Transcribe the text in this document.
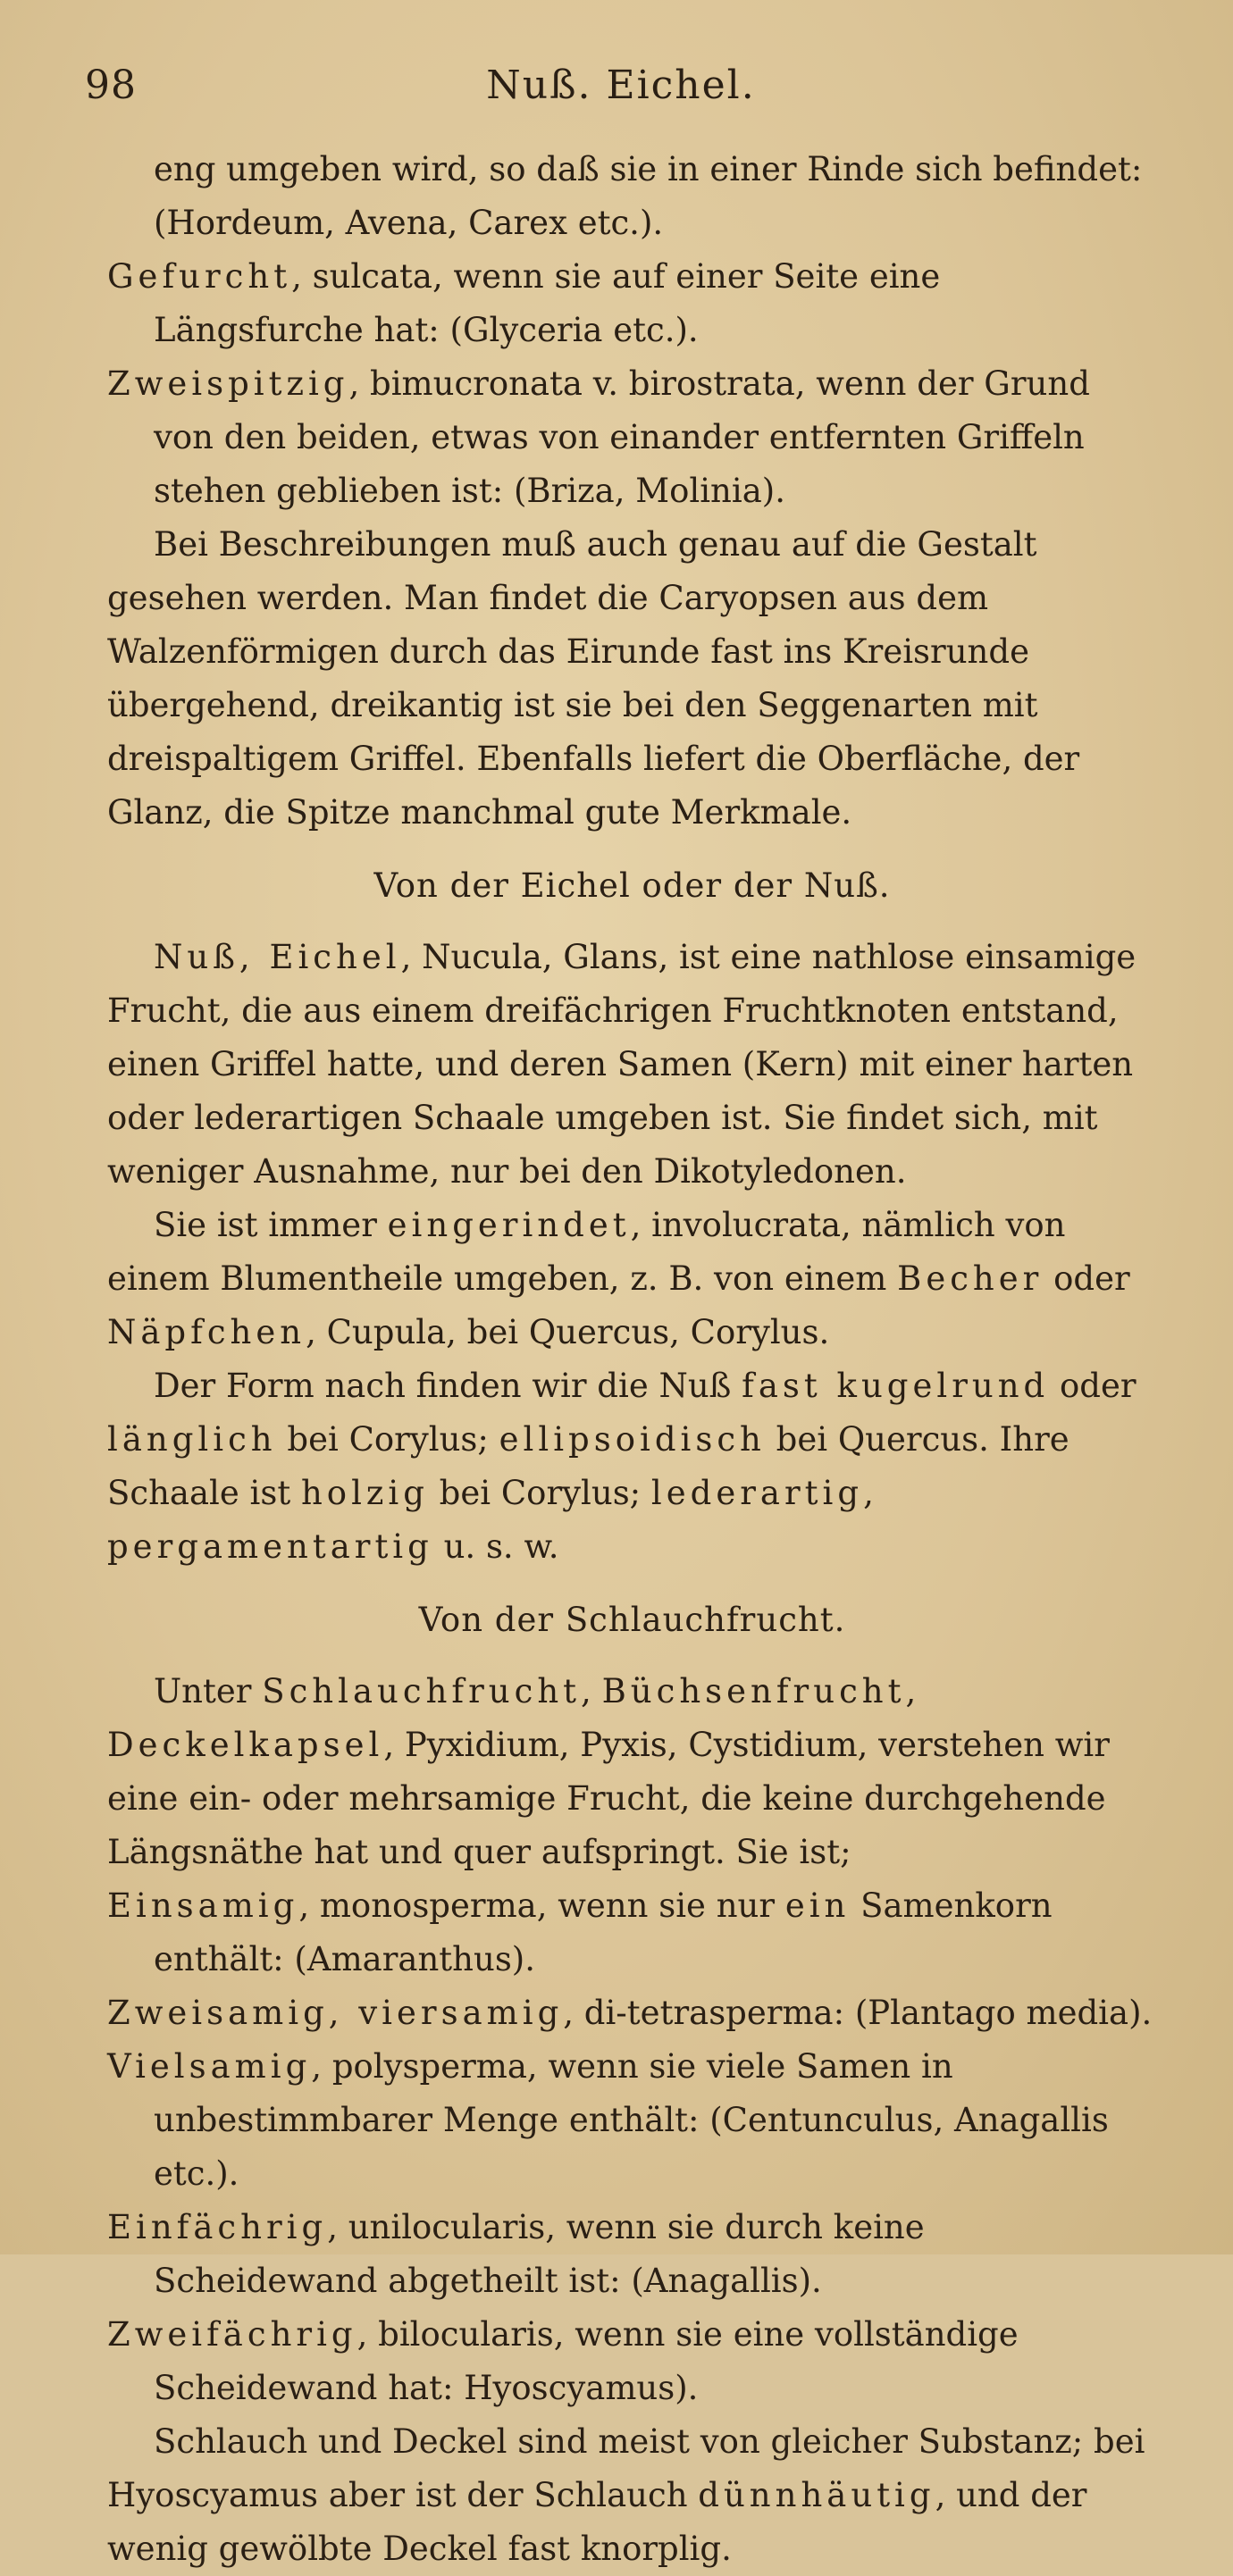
98	Nuß. Eichel.

eng umgeben wird, so daß sie in einer Rinde sich befindet: (Hordeum, Avena, Carex etc.).

Gefurcht, sulcata, wenn sie auf einer Seite eine Längsfurche hat: (Glyceria etc.).

Zweispitzig, bimucronata v. birostrata, wenn der Grund von den beiden, etwas von einander entfernten Griffeln stehen geblieben ist: (Briza, Molinia).

Bei Beschreibungen muß auch genau auf die Gestalt gesehen werden. Man findet die Caryopsen aus dem Walzenförmigen durch das Eirunde fast ins Kreisrunde übergehend, dreikantig ist sie bei den Seggenarten mit dreispaltigem Griffel. Ebenfalls liefert die Oberfläche, der Glanz, die Spitze manchmal gute Merkmale.

Von der Eichel oder der Nuß.

Nuß, Eichel, Nucula, Glans, ist eine nathlose einsamige Frucht, die aus einem dreifächrigen Fruchtknoten entstand, einen Griffel hatte, und deren Samen (Kern) mit einer harten oder lederartigen Schaale umgeben ist. Sie findet sich, mit weniger Ausnahme, nur bei den Dikotyledonen.

Sie ist immer eingerindet, involucrata, nämlich von einem Blumentheile umgeben, z. B. von einem Becher oder Näpfchen, Cupula, bei Quercus, Corylus.

Der Form nach finden wir die Nuß fast kugelrund oder länglich bei Corylus; ellipsoidisch bei Quercus. Ihre Schaale ist holzig bei Corylus; lederartig, pergamentartig u. s. w.

Von der Schlauchfrucht.

Unter Schlauchfrucht, Büchsenfrucht, Deckelkapsel, Pyxidium, Pyxis, Cystidium, verstehen wir eine ein- oder mehrsamige Frucht, die keine durchgehende Längsnäthe hat und quer aufspringt. Sie ist;

Einsamig, monosperma, wenn sie nur ein Samenkorn enthält: (Amaranthus).

Zweisamig, viersamig, di-tetrasperma: (Plantago media).

Vielsamig, polysperma, wenn sie viele Samen in unbestimmbarer Menge enthält: (Centunculus, Anagallis etc.).

Einfächrig, unilocularis, wenn sie durch keine Scheidewand abgetheilt ist: (Anagallis).

Zweifächrig, bilocularis, wenn sie eine vollständige Scheidewand hat: Hyoscyamus).

Schlauch und Deckel sind meist von gleicher Substanz; bei Hyoscyamus aber ist der Schlauch dünnhäutig, und der wenig gewölbte Deckel fast knorplig.
